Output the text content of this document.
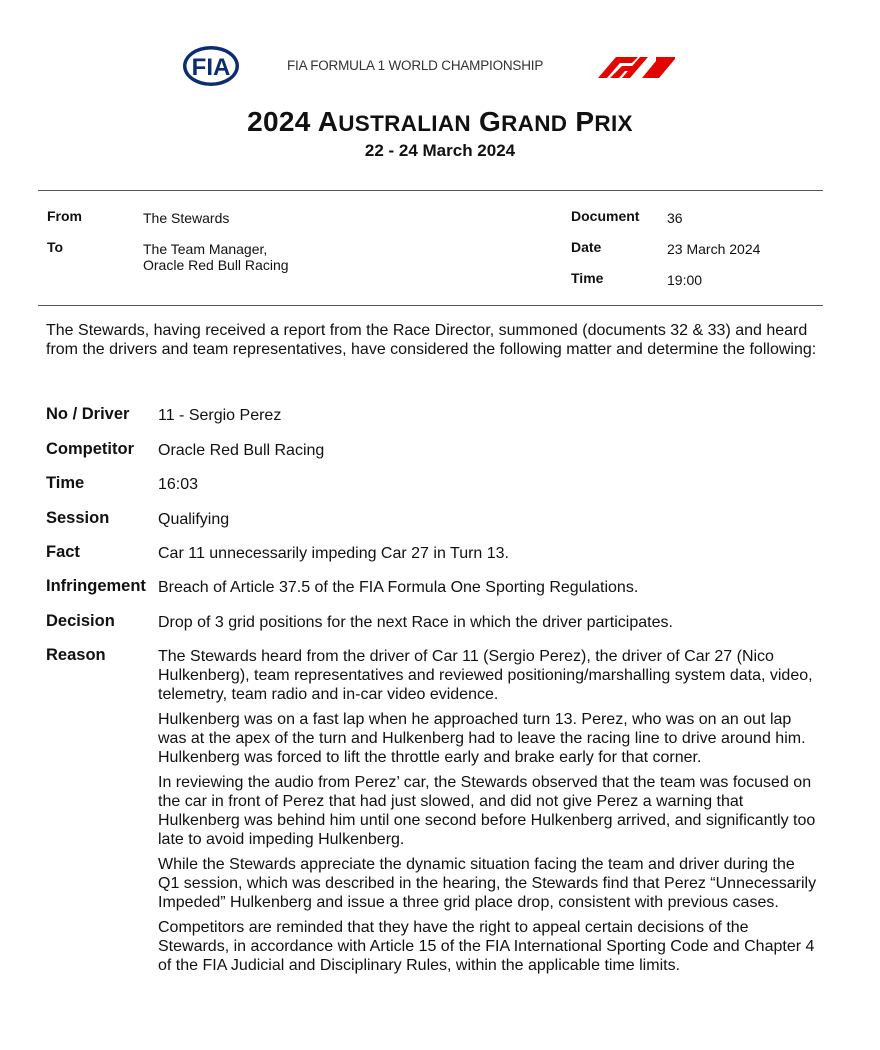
FIA	FIA FORMULA 1 WORLD CHAMPIONSHIP
2024 AUSTRALIAN GRAND PRIX
22 - 24 March 2024
From	The Stewards
To	The Team Manager,
Oracle Red Bull Racing
Document 36
Date	23 March 2024
Time	19:00
The Stewards, having received a report from the Race Director, summoned (documents 32 & 33) and heard from the drivers and team representatives, have considered the following matter and determine the following:
No / Driver 11 - Sergio Perez
Competitor Oracle Red Bull Racing
Time	16:03
Session	Qualifying
Fact	Car 11 unnecessarily impeding Car 27 in Turn 13.
Infringement Breach of Article 37.5 of the FIA Formula One Sporting Regulations.
Decision	Drop of 3 grid positions for the next Race in which the driver participates.
Reason	The Stewards heard from the driver of Car 11 (Sergio Perez), the driver of Car 27 (Nico Hulkenberg), team representatives and reviewed positioning/marshalling system data, video, telemetry, team radio and in-car video evidence.

Hulkenberg was on a fast lap when he approached turn 13. Perez, who was on an out lap was at the apex of the turn and Hulkenberg had to leave the racing line to drive around him. Hulkenberg was forced to lift the throttle early and brake early for that corner.

In reviewing the audio from Perez’ car, the Stewards observed that the team was focused on the car in front of Perez that had just slowed, and did not give Perez a warning that Hulkenberg was behind him until one second before Hulkenberg arrived, and significantly too late to avoid impeding Hulkenberg.

While the Stewards appreciate the dynamic situation facing the team and driver during the Q1 session, which was described in the hearing, the Stewards find that Perez “Unnecessarily Impeded” Hulkenberg and issue a three grid place drop, consistent with previous cases.

Competitors are reminded that they have the right to appeal certain decisions of the Stewards, in accordance with Article 15 of the FIA International Sporting Code and Chapter 4 of the FIA Judicial and Disciplinary Rules, within the applicable time limits.
